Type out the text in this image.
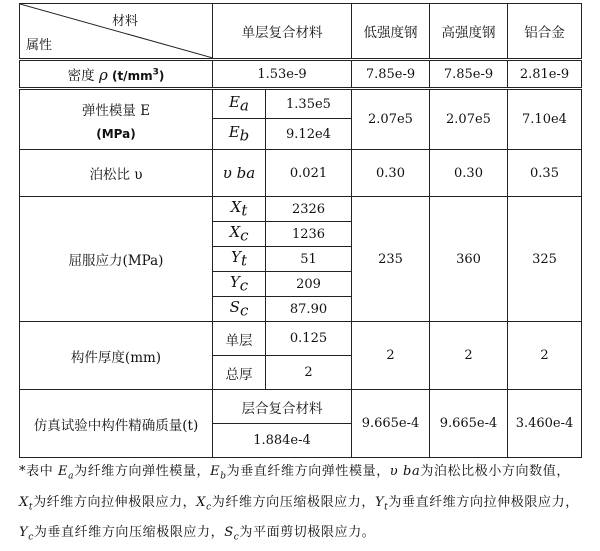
材料
属性	单层复合材料		低强度钢	高强度钢	铝合金
密度 ρ $(t/mm^3)$	1.53e-9		7.85e-9	7.85e-9	2.81e-9

弹性模量 E
(MPa)	$E_a$	1.35e5	2.07e5	2.07e5	7.10e4
	$E_b$	9.12e4			
泊松比 υ	υ ba	0.021	0.30	0.30	0.35
屈服应力(MPa)	$X_t$	2326	235	360	325
	$X_c$	1236			
	$Y_t$	51			
	$Y_c$	209			
	$S_c$	87.90			
构件厚度(mm)	单层	0.125	2	2	2
	总厚	2			
仿真试验中构件精确质量(t)	层合复合材料		9.665e-4	9.665e-4	3.460e-4
	1.884e-4				
*表中 $E_a$为纤维方向弹性模量，$E_b$为垂直纤维方向弹性模量，υ ba为泊松比极小方向数值，$X_t$为纤维方向拉伸极限应力，$X_c$为纤维方向压缩极限应力，$Y_t$为垂直纤维方向拉伸极限应力，$Y_c$为垂直纤维方向压缩极限应力，$S_c$为平面剪切极限应力。
